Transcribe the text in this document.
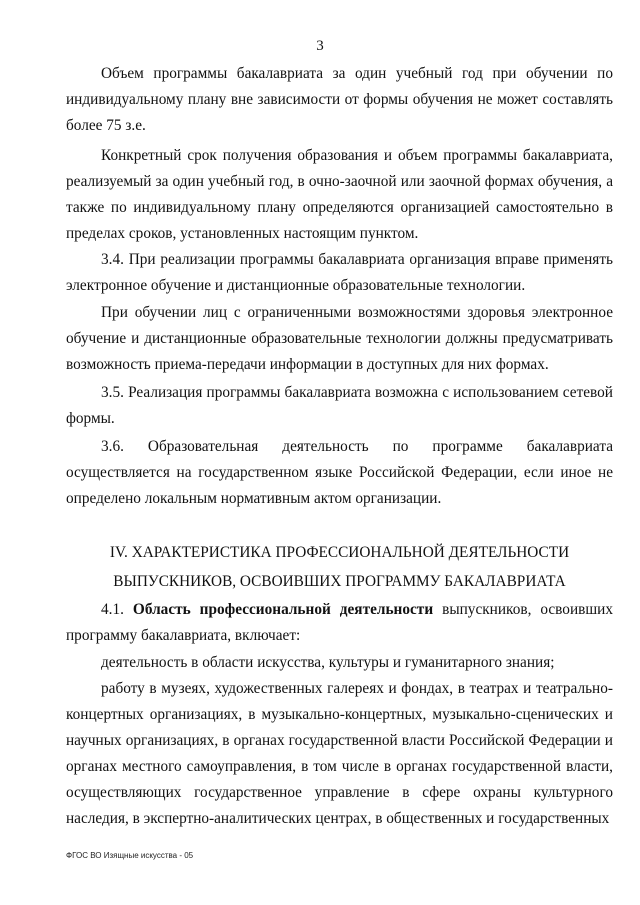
3

Объем программы бакалавриата за один учебный год при обучении по индивидуальному плану вне зависимости от формы обучения не может составлять более 75 з.е.

Конкретный срок получения образования и объем программы бакалавриата, реализуемый за один учебный год, в очно-заочной или заочной формах обучения, а также по индивидуальному плану определяются организацией самостоятельно в пределах сроков, установленных настоящим пунктом.

3.4. При реализации программы бакалавриата организация вправе применять электронное обучение и дистанционные образовательные технологии.

При обучении лиц с ограниченными возможностями здоровья электронное обучение и дистанционные образовательные технологии должны предусматривать возможность приема-передачи информации в доступных для них формах.

3.5. Реализация программы бакалавриата возможна с использованием сетевой формы.

3.6. Образовательная деятельность по программе бакалавриата
осуществляется на государственном языке Российской Федерации, если иное не определено локальным нормативным актом организации.
IV. ХАРАКТЕРИСТИКА ПРОФЕССИОНАЛЬНОЙ ДЕЯТЕЛЬНОСТИ
ВЫПУСКНИКОВ, ОСВОИВШИХ ПРОГРАММУ БАКАЛАВРИАТА

4.1. Область профессиональной деятельности выпускников, освоивших программу бакалавриата, включает:

деятельность в области искусства, культуры и гуманитарного знания;

работу в музеях, художественных галереях и фондах, в театрах и театрально-концертных организациях, в музыкально-концертных, музыкально-сценических и научных организациях, в органах государственной власти Российской Федерации и органах местного самоуправления, в том числе в органах государственной власти, осуществляющих государственное управление в сфере охраны культурного наследия, в экспертно-аналитических центрах, в общественных и государственных

ФГОС ВО Изящные искусства - 05
